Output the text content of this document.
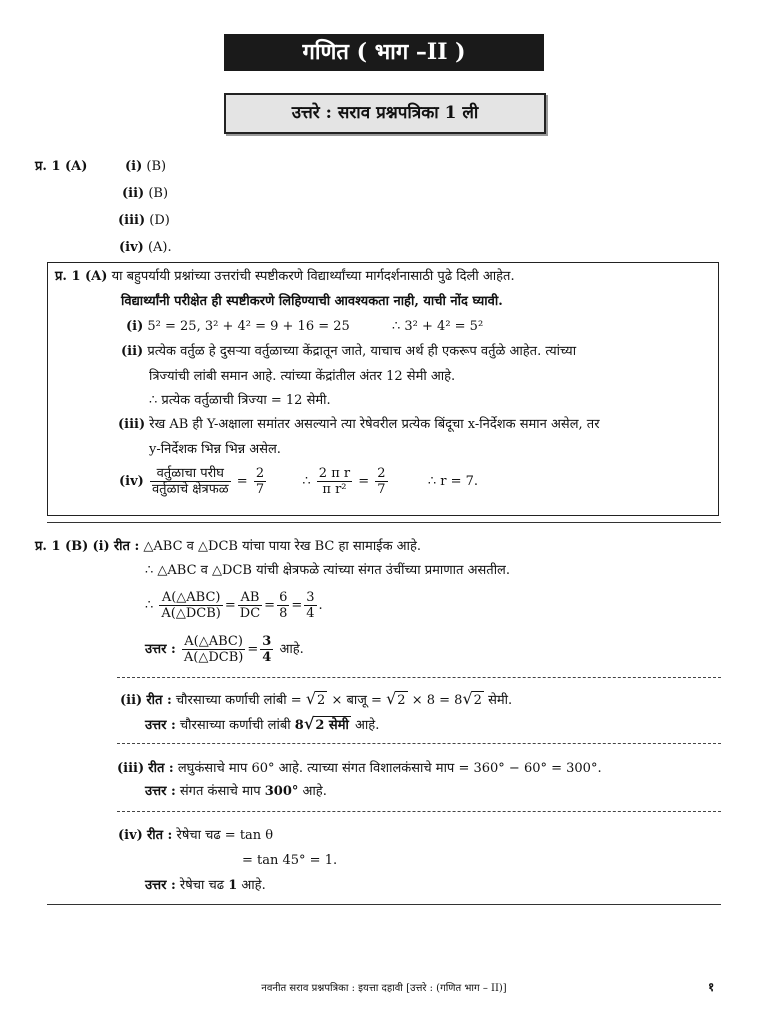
गणित ( भाग –II )
उत्तरे : सराव प्रश्नपत्रिका 1 ली
प्र. 1 (A)	(i) (B)
(ii) (B)
(iii) (D)
(iv) (A).
प्र. 1 (A) या बहुपर्यायी प्रश्नांच्या उत्तरांची स्पष्टीकरणे विद्यार्थ्यांच्या मार्गदर्शनासाठी पुढे दिली आहेत.
विद्यार्थ्यांनी परीक्षेत ही स्पष्टीकरणे लिहिण्याची आवश्यकता नाही, याची नोंद घ्यावी.
(i) 5² = 25, 3² + 4² = 9 + 16 = 25	∴ 3² + 4² = 5²
(ii) प्रत्येक वर्तुळ हे दुसऱ्या वर्तुळाच्या केंद्रातून जाते, याचाच अर्थ ही एकरूप वर्तुळे आहेत. त्यांच्या
त्रिज्यांची लांबी समान आहे. त्यांच्या केंद्रांतील अंतर 12 सेमी आहे.
∴ प्रत्येक वर्तुळाची त्रिज्या = 12 सेमी.
(iii) रेख AB ही Y-अक्षाला समांतर असल्याने त्या रेषेवरील प्रत्येक बिंदूचा x-निर्देशक समान असेल, तर
y-निर्देशक भिन्न भिन्न असेल.
$(iv) \frac{\text{वर्तुळाचा परीघ}}{\text{वर्तुळाचे क्षेत्रफळ}} = \frac{2}{7}$	∴ $\frac{\text{2 π r}}{\text{π r²}} = \frac{2}{7}$	∴ r = 7.
प्र. 1 (B) (i) रीत : △ABC व △DCB यांचा पाया रेख BC हा सामाईक आहे.
∴ △ABC व △DCB यांची क्षेत्रफळे त्यांच्या संगत उंचींच्या प्रमाणात असतील.
∴ $\frac{\text{A(△ABC)}}{\text{A(△DCB)}} = \frac{AB}{DC} = \frac{6}{8} = \frac{3}{4}$ .
उत्तर : $\frac{\text{A(△ABC)}}{\text{A(△DCB)}} = \frac{3}{4}$ आहे.
(ii) रीत : चौरसाच्या कर्णाची लांबी = √2 × बाजू = √2 × 8 = 8√2 सेमी.
उत्तर : चौरसाच्या कर्णाची लांबी 8√2 सेमी आहे.
(iii) रीत : लघुकंसाचे माप 60° आहे. त्याच्या संगत विशालकंसाचे माप = 360° − 60° = 300°.
उत्तर : संगत कंसाचे माप 300° आहे.
(iv) रीत : रेषेचा चढ = tan θ
= tan 45° = 1.
उत्तर : रेषेचा चढ 1 आहे.
नवनीत सराव प्रश्नपत्रिका : इयत्ता दहावी [उत्तरे : (गणित भाग – II)]	१
